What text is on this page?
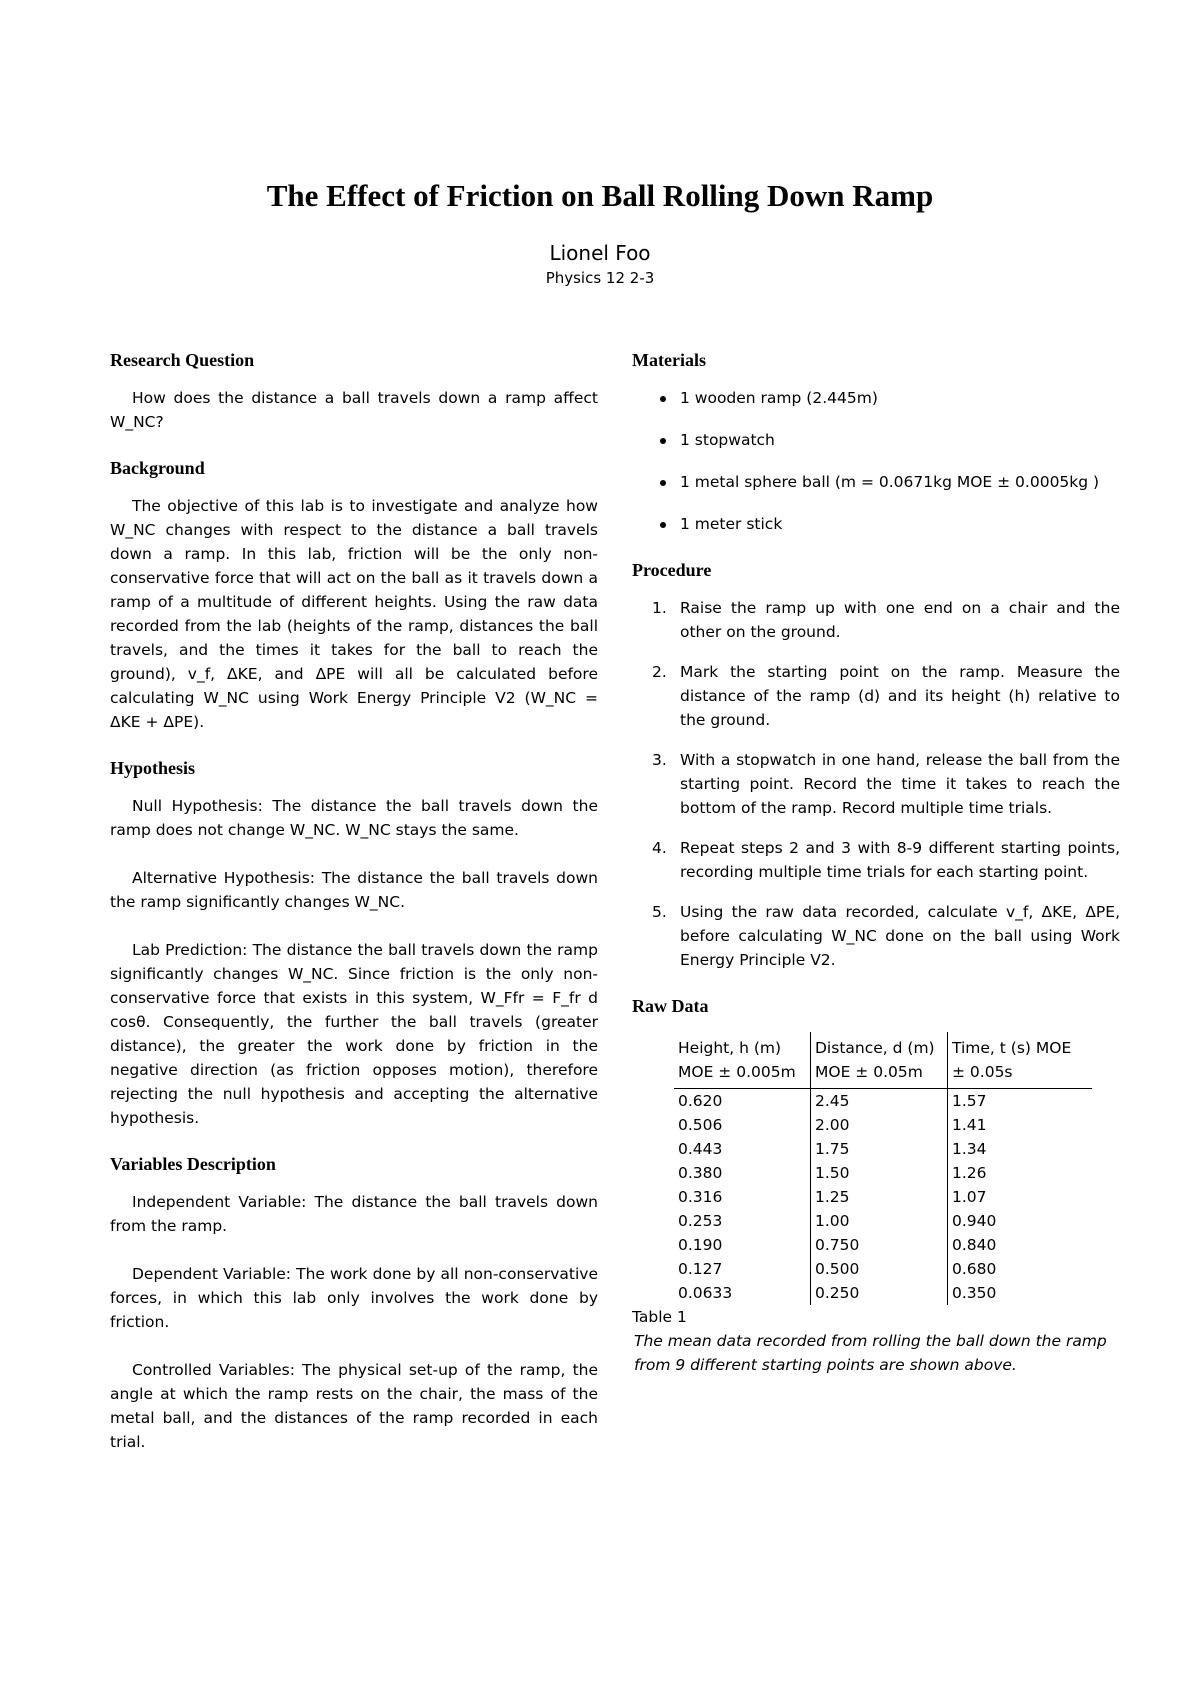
The Effect of Friction on Ball Rolling Down Ramp
Lionel Foo
Physics 12 2-3
Research Question

How does the distance a ball travels down a ramp affect W_NC?

Background

The objective of this lab is to investigate and analyze how W_NC changes with respect to the distance a ball travels down a ramp. In this lab, friction will be the only non-conservative force that will act on the ball as it travels down a ramp of a multitude of different heights. Using the raw data recorded from the lab (heights of the ramp, distances the ball travels, and the times it takes for the ball to reach the ground), v_f, ΔKE, and ΔPE will all be calculated before calculating W_NC using Work Energy Principle V2 (W_NC = ΔKE + ΔPE).

Hypothesis

Null Hypothesis: The distance the ball travels down the ramp does not change W_NC. W_NC stays the same.

Alternative Hypothesis: The distance the ball travels down the ramp significantly changes W_NC.

Lab Prediction: The distance the ball travels down the ramp significantly changes W_NC. Since friction is the only non-conservative force that exists in this system, W_Ffr = F_fr d cosθ. Consequently, the further the ball travels (greater distance), the greater the work done by friction in the negative direction (as friction opposes motion), therefore rejecting the null hypothesis and accepting the alternative hypothesis.

Variables Description

Independent Variable: The distance the ball travels down from the ramp.

Dependent Variable: The work done by all non-conservative forces, in which this lab only involves the work done by friction.

Controlled Variables: The physical set-up of the ramp, the angle at which the ramp rests on the chair, the mass of the metal ball, and the distances of the ramp recorded in each trial.

Materials
1 wooden ramp (2.445m)
1 stopwatch
1 metal sphere ball (m = 0.0671kg MOE ± 0.0005kg )
1 meter stick
Procedure
1. Raise the ramp up with one end on a chair and the other on the ground.
2. Mark the starting point on the ramp. Measure the distance of the ramp (d) and its height (h) relative to the ground.
3. With a stopwatch in one hand, release the ball from the starting point. Record the time it takes to reach the bottom of the ramp. Record multiple time trials.
4. Repeat steps 2 and 3 with 8-9 different starting points, recording multiple time trials for each starting point.
5. Using the raw data recorded, calculate v_f, ΔKE, ΔPE, before calculating W_NC done on the ball using Work Energy Principle V2.
Raw Data
Height, h (m) MOE ± 0.005m	Distance, d (m) MOE ± 0.05m	Time, t (s) MOE ± 0.05s
0.620	2.45	1.57
0.506	2.00	1.41
0.443	1.75	1.34
0.380	1.50	1.26
0.316	1.25	1.07
0.253	1.00	0.940
0.190	0.750	0.840
0.127	0.500	0.680
0.0633	0.250	0.350
Table 1
The mean data recorded from rolling the ball down the ramp from 9 different starting points are shown above.
